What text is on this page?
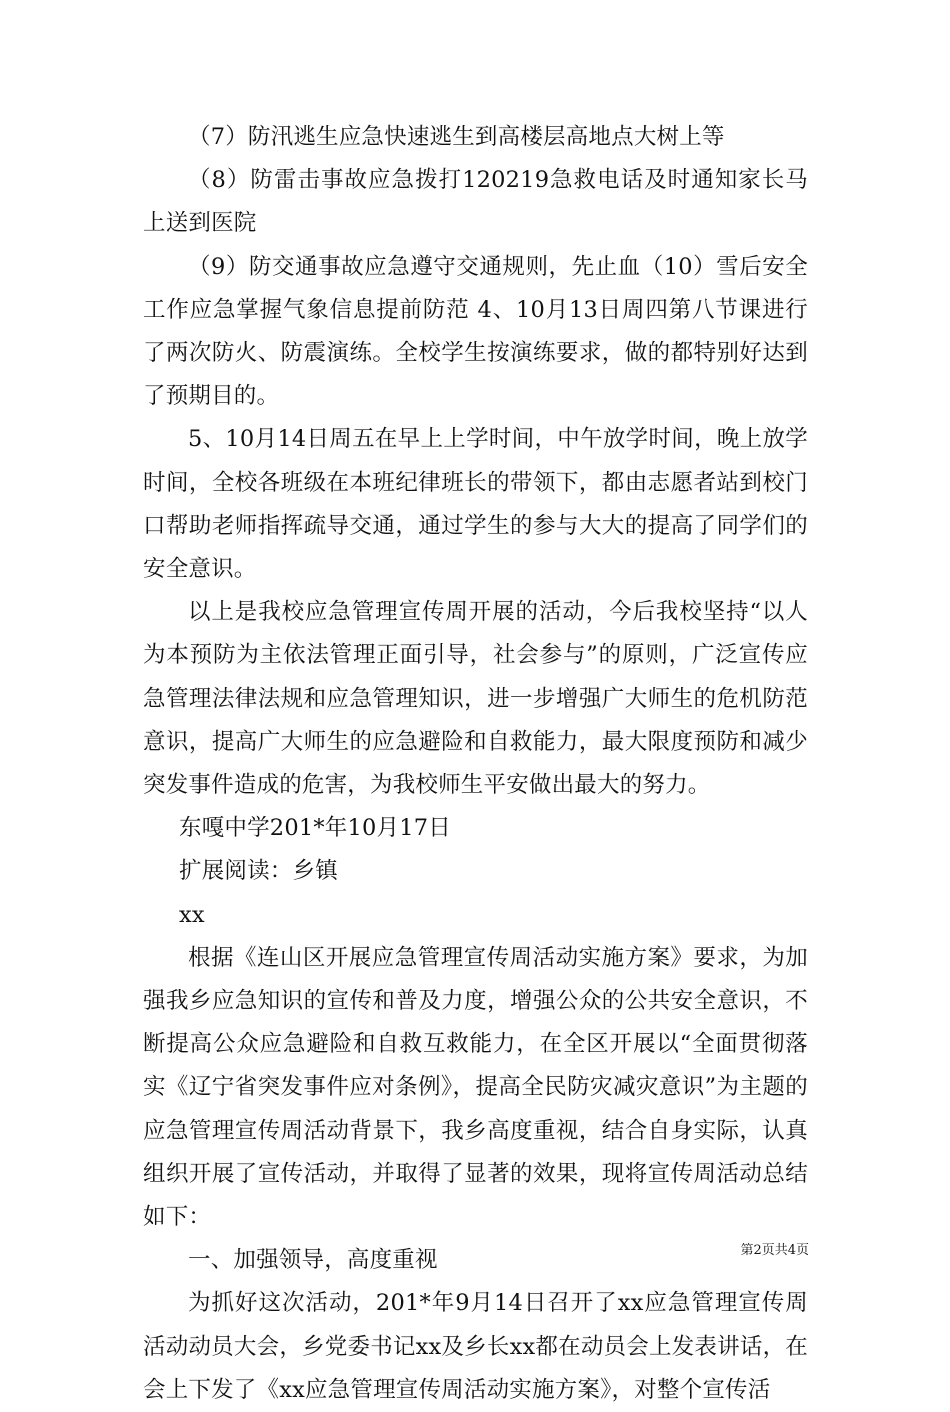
（7）防汛逃生应急快速逃生到高楼层高地点大树上等

（8）防雷击事故应急拨打120219急救电话及时通知家长马上送到医院

（9）防交通事故应急遵守交通规则，先止血（10）雪后安全工作应急掌握气象信息提前防范 4、10月13日周四第八节课进行了两次防火、防震演练。全校学生按演练要求，做的都特别好达到了预期目的。

5、10月14日周五在早上上学时间，中午放学时间，晚上放学时间，全校各班级在本班纪律班长的带领下，都由志愿者站到校门口帮助老师指挥疏导交通，通过学生的参与大大的提高了同学们的安全意识。

以上是我校应急管理宣传周开展的活动，今后我校坚持“以人为本预防为主依法管理正面引导，社会参与”的原则，广泛宣传应急管理法律法规和应急管理知识，进一步增强广大师生的危机防范意识，提高广大师生的应急避险和自救能力，最大限度预防和减少突发事件造成的危害，为我校师生平安做出最大的努力。

东嘎中学201*年10月17日

扩展阅读：乡镇

xx

根据《连山区开展应急管理宣传周活动实施方案》要求，为加强我乡应急知识的宣传和普及力度，增强公众的公共安全意识，不断提高公众应急避险和自救互救能力，在全区开展以“全面贯彻落实《辽宁省突发事件应对条例》，提高全民防灾减灾意识”为主题的应急管理宣传周活动背景下，我乡高度重视，结合自身实际，认真组织开展了宣传活动，并取得了显著的效果，现将宣传周活动总结如下：

一、加强领导，高度重视

为抓好这次活动，201*年9月14日召开了xx应急管理宣传周活动动员大会，乡党委书记xx及乡长xx都在动员会上发表讲话，在会上下发了《xx应急管理宣传周活动实施方案》，对整个宣传活

第2页共4页
